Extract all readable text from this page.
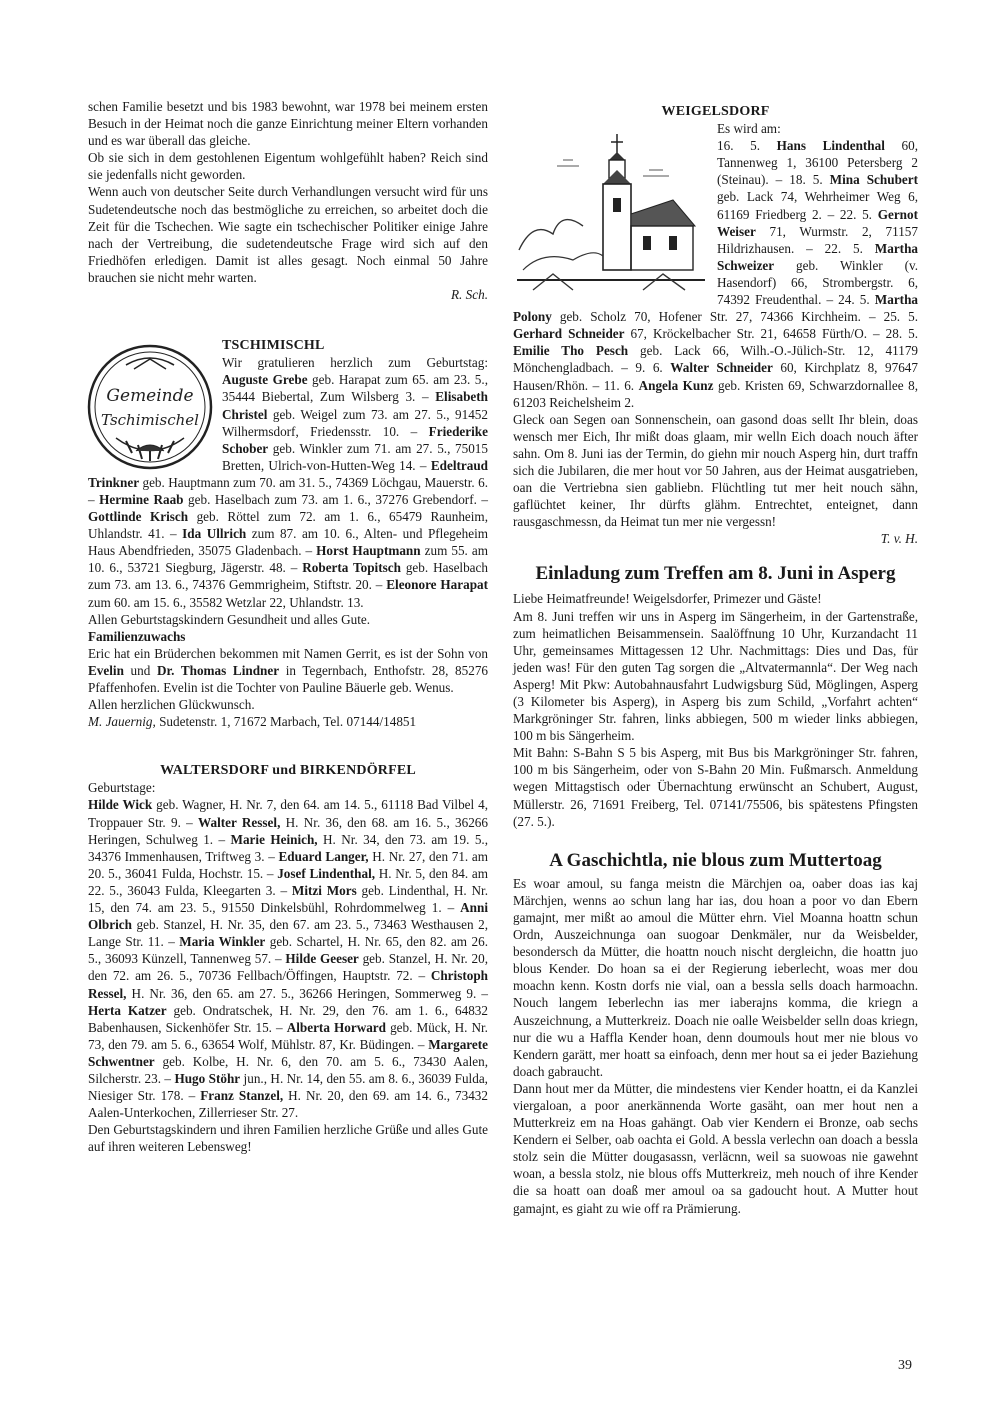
schen Familie besetzt und bis 1983 bewohnt, war 1978 bei meinem ersten Besuch in der Heimat noch die ganze Einrichtung meiner Eltern vorhanden und es war überall das gleiche.

Ob sie sich in dem gestohlenen Eigentum wohlgefühlt haben? Reich sind sie jedenfalls nicht geworden.

Wenn auch von deutscher Seite durch Verhandlungen versucht wird für uns Sudetendeutsche noch das bestmögliche zu erreichen, so arbeitet doch die Zeit für die Tschechen. Wie sagte ein tschechischer Politiker einige Jahre nach der Vertreibung, die sudetendeutsche Frage wird sich auf den Friedhöfen erledigen. Damit ist alles gesagt. Noch einmal 50 Jahre brauchen sie nicht mehr warten.

R. Sch.

Gemeinde
Tschimischel
TSCHIMISCHL

Wir gratulieren herzlich zum Geburtstag: Auguste Grebe geb. Harapat zum 65. am 23. 5., 35444 Biebertal, Zum Wilsberg 3. – Elisabeth Christel geb. Weigel zum 73. am 27. 5., 91452 Wilhermsdorf, Friedensstr. 10. – Friederike Schober geb. Winkler zum 71. am 27. 5., 75015 Bretten, Ulrich-von-Hutten-Weg 14. – Edeltraud Trinkner geb. Hauptmann zum 70. am 31. 5., 74369 Löchgau, Mauerstr. 6. – Hermine Raab geb. Haselbach zum 73. am 1. 6., 37276 Grebendorf. – Gottlinde Krisch geb. Röttel zum 72. am 1. 6., 65479 Raunheim, Uhlandstr. 41. – Ida Ullrich zum 87. am 10. 6., Alten- und Pflegeheim Haus Abendfrieden, 35075 Gladenbach. – Horst Hauptmann zum 55. am 10. 6., 53721 Siegburg, Jägerstr. 48. – Roberta Topitsch geb. Haselbach zum 73. am 13. 6., 74376 Gemmrigheim, Stiftstr. 20. – Eleonore Harapat zum 60. am 15. 6., 35582 Wetzlar 22, Uhlandstr. 13.

Allen Geburtstagskindern Gesundheit und alles Gute.

Familienzuwachs

Eric hat ein Brüderchen bekommen mit Namen Gerrit, es ist der Sohn von Evelin und Dr. Thomas Lindner in Tegernbach, Enthofstr. 28, 85276 Pfaffenhofen. Evelin ist die Tochter von Pauline Bäuerle geb. Wenus.

Allen herzlichen Glückwunsch.

M. Jauernig, Sudetenstr. 1, 71672 Marbach, Tel. 07144/14851

WALTERSDORF und BIRKENDÖRFEL

Geburtstage:

Hilde Wick geb. Wagner, H. Nr. 7, den 64. am 14. 5., 61118 Bad Vilbel 4, Troppauer Str. 9. – Walter Ressel, H. Nr. 36, den 68. am 16. 5., 36266 Heringen, Schulweg 1. – Marie Heinich, H. Nr. 34, den 73. am 19. 5., 34376 Immenhausen, Triftweg 3. – Eduard Langer, H. Nr. 27, den 71. am 20. 5., 36041 Fulda, Hochstr. 15. – Josef Lindenthal, H. Nr. 5, den 84. am 22. 5., 36043 Fulda, Kleegarten 3. – Mitzi Mors geb. Lindenthal, H. Nr. 15, den 74. am 23. 5., 91550 Dinkelsbühl, Rohrdommelweg 1. – Anni Olbrich geb. Stanzel, H. Nr. 35, den 67. am 23. 5., 73463 Westhausen 2, Lange Str. 11. – Maria Winkler geb. Schartel, H. Nr. 65, den 82. am 26. 5., 36093 Künzell, Tannenweg 57. – Hilde Geeser geb. Stanzel, H. Nr. 20, den 72. am 26. 5., 70736 Fellbach/Öffingen, Hauptstr. 72. – Christoph Ressel, H. Nr. 36, den 65. am 27. 5., 36266 Heringen, Sommerweg 9. – Herta Katzer geb. Ondratschek, H. Nr. 29, den 76. am 1. 6., 64832 Babenhausen, Sickenhöfer Str. 15. – Alberta Horward geb. Mück, H. Nr. 73, den 79. am 5. 6., 63654 Wolf, Mühlstr. 87, Kr. Büdingen. – Margarete Schwentner geb. Kolbe, H. Nr. 6, den 70. am 5. 6., 73430 Aalen, Silcherstr. 23. – Hugo Stöhr jun., H. Nr. 14, den 55. am 8. 6., 36039 Fulda, Niesiger Str. 178. – Franz Stanzel, H. Nr. 20, den 69. am 14. 6., 73432 Aalen-Unterkochen, Zillerrieser Str. 27.

Den Geburtstagskindern und ihren Familien herzliche Grüße und alles Gute auf ihren weiteren Lebensweg!

WEIGELSDORF

Es wird am:

16. 5. Hans Lindenthal 60, Tannenweg 1, 36100 Petersberg 2 (Steinau). – 18. 5. Mina Schubert geb. Lack 74, Wehrheimer Weg 6, 61169 Friedberg 2. – 22. 5. Gernot Weiser 71, Wurmstr. 2, 71157 Hildrizhausen. – 22. 5. Martha Schweizer geb. Winkler (v. Hasendorf) 66, Strombergstr. 6, 74392 Freudenthal. – 24. 5. Martha Polony geb. Scholz 70, Hofener Str. 27, 74366 Kirchheim. – 25. 5. Gerhard Schneider 67, Kröckelbacher Str. 21, 64658 Fürth/O. – 28. 5. Emilie Tho Pesch geb. Lack 66, Wilh.-O.-Jülich-Str. 12, 41179 Mönchengladbach. – 9. 6. Walter Schneider 60, Kirchplatz 8, 97647 Hausen/Rhön. – 11. 6. Angela Kunz geb. Kristen 69, Schwarzdornallee 8, 61203 Reichelsheim 2.

Gleck oan Segen oan Sonnenschein, oan gasond doas sellt Ihr blein, doas wensch mer Eich, Ihr mißt doas glaam, mir welln Eich doach nouch äfter sahn. Om 8. Juni ias der Termin, do giehn mir nouch Asperg hin, durt traffn sich die Jubilaren, die mer hout vor 50 Jahren, aus der Heimat ausgatrieben, oan die Vertriebna sien gabliebn. Flüchtling tut mer heit nouch sähn, gaflüchtet keiner, Ihr dürfts glähm. Entrechtet, enteignet, dann rausgaschmessn, da Heimat tun mer nie vergessn!

T. v. H.

Einladung zum Treffen am 8. Juni in Asperg

Liebe Heimatfreunde! Weigelsdorfer, Primezer und Gäste!

Am 8. Juni treffen wir uns in Asperg im Sängerheim, in der Gartenstraße, zum heimatlichen Beisammensein. Saalöffnung 10 Uhr, Kurzandacht 11 Uhr, gemeinsames Mittagessen 12 Uhr. Nachmittags: Dies und Das, für jeden was! Für den guten Tag sorgen die „Altvatermannla“. Der Weg nach Asperg! Mit Pkw: Autobahnausfahrt Ludwigsburg Süd, Möglingen, Asperg (3 Kilometer bis Asperg), in Asperg bis zum Schild, „Vorfahrt achten“ Markgröninger Str. fahren, links abbiegen, 500 m wieder links abbiegen, 100 m bis Sängerheim.

Mit Bahn: S-Bahn S 5 bis Asperg, mit Bus bis Markgröninger Str. fahren, 100 m bis Sängerheim, oder von S-Bahn 20 Min. Fußmarsch. Anmeldung wegen Mittagstisch oder Übernachtung erwünscht an Schubert, August, Müllerstr. 26, 71691 Freiberg, Tel. 07141/75506, bis spätestens Pfingsten (27. 5.).

A Gaschichtla, nie blous zum Muttertoag

Es woar amoul, su fanga meistn die Märchjen oa, oaber doas ias kaj Märchjen, wenns ao schun lang har ias, dou hoan a poor vo dan Ebern gamajnt, mer mißt ao amoul die Mütter ehrn. Viel Moanna hoattn schun Ordn, Auszeichnunga oan suogoar Denkmäler, nur da Weisbelder, besondersch da Mütter, die hoattn nouch nischt dergleichn, die hoattn juo blous Kender. Do hoan sa ei der Regierung ieberlecht, woas mer dou moachn kenn. Kostn dorfs nie vial, oan a bessla sells doach harmoachn. Nouch langem Ieberlechn ias mer iaberajns komma, die kriegn a Auszeichnung, a Mutterkreiz. Doach nie oalle Weisbelder selln doas kriegn, nur die wu a Haffla Kender hoan, denn doumouls hout mer nie blous vo Kendern garätt, mer hoatt sa einfoach, denn mer hout sa ei jeder Baziehung doach gabraucht.

Dann hout mer da Mütter, die mindestens vier Kender hoattn, ei da Kanzlei viergaloan, a poor anerkännenda Worte gasäht, oan mer hout nen a Mutterkreiz em na Hoas gahängt. Oab vier Kendern ei Bronze, oab sechs Kendern ei Selber, oab oachta ei Gold. A bessla verlechn oan doach a bessla stolz sein die Mütter dougasassn, verläcnn, weil sa suowoas nie gawehnt woan, a bessla stolz, nie blous offs Mutterkreiz, meh nouch of ihre Kender die sa hoatt oan doaß mer amoul oa sa gadoucht hout. A Mutter hout gamajnt, es giaht zu wie off ra Prämierung.

39
